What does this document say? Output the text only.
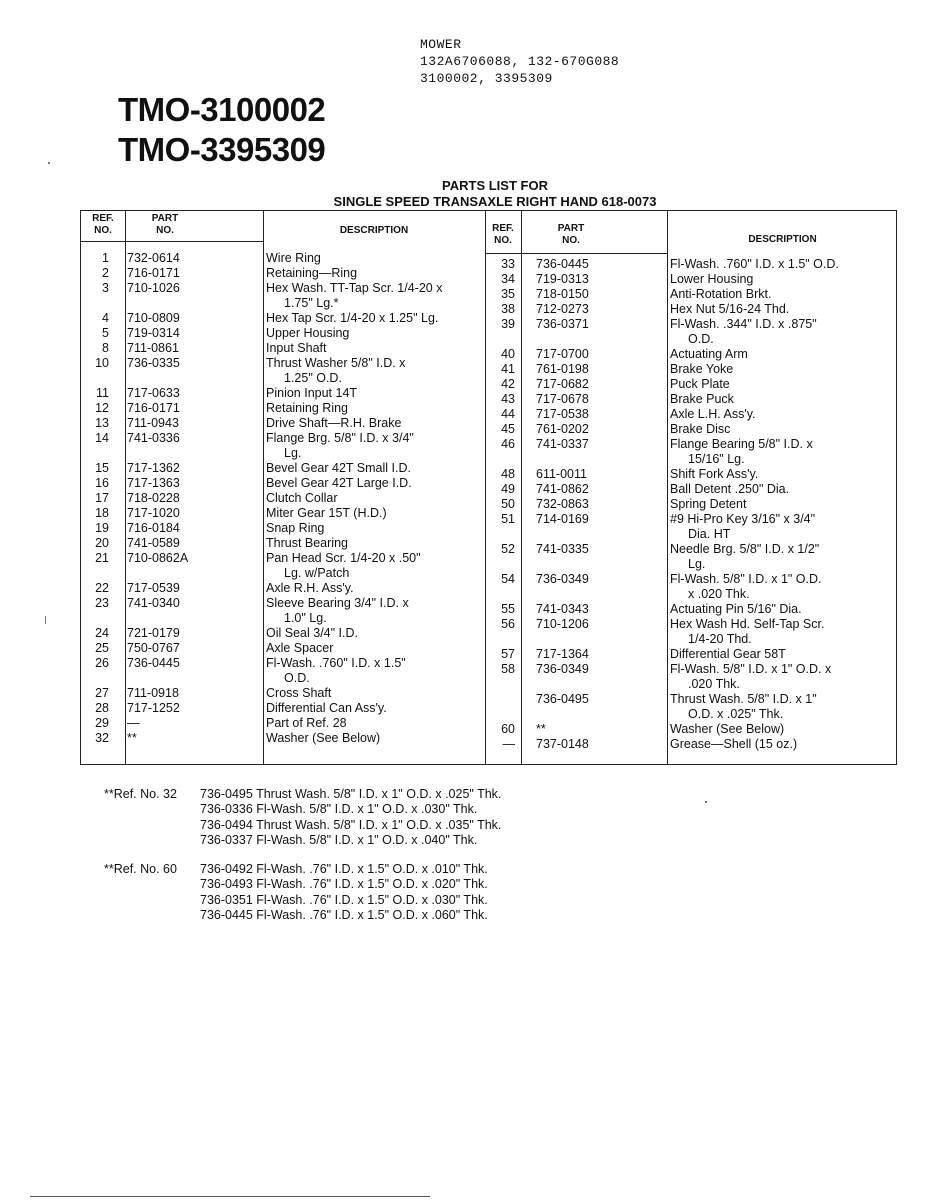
MOWER
132A6706088, 132-670G088
3100002, 3395309
TMO-3100002
TMO-3395309
PARTS LIST FOR
SINGLE SPEED TRANSAXLE RIGHT HAND 618-0073
REF.
NO.
PART
NO.	DESCRIPTION	REF.
NO.
PART
NO.	DESCRIPTION
1 732-0614	Wire Ring
2 716-0171	Retaining—Ring
3 710-1026	Hex Wash. TT-Tap Scr. 1/4-20 x
1.75" Lg.*
4 710-0809	Hex Tap Scr. 1/4-20 x 1.25" Lg.
5 719-0314	Upper Housing
8 711-0861	Input Shaft
10 736-0335	Thrust Washer 5/8" I.D. x
1.25" O.D.
11 717-0633	Pinion Input 14T
12 716-0171	Retaining Ring
13 711-0943	Drive Shaft—R.H. Brake
14 741-0336	Flange Brg. 5/8" I.D. x 3/4"
Lg.
15 717-1362	Bevel Gear 42T Small I.D.
16 717-1363	Bevel Gear 42T Large I.D.
17 718-0228	Clutch Collar
18 717-1020	Miter Gear 15T (H.D.)
19 716-0184	Snap Ring
20 741-0589	Thrust Bearing
21 710-0862A	Pan Head Scr. 1/4-20 x .50"
Lg. w/Patch
22 717-0539	Axle R.H. Ass'y.
23 741-0340	Sleeve Bearing 3/4" I.D. x
1.0" Lg.
24 721-0179	Oil Seal 3/4" I.D.
25 750-0767	Axle Spacer
26 736-0445	Fl-Wash. .760" I.D. x 1.5"
O.D.
27 711-0918	Cross Shaft
28 717-1252	Differential Can Ass'y.
29 —	Part of Ref. 28
32 **	Washer (See Below)
33 736-0445	Fl-Wash. .760" I.D. x 1.5" O.D.
34 719-0313	Lower Housing
35 718-0150	Anti-Rotation Brkt.
38 712-0273	Hex Nut 5/16-24 Thd.
39 736-0371	Fl-Wash. .344" I.D. x .875"
O.D.
40 717-0700	Actuating Arm
41 761-0198	Brake Yoke
42 717-0682	Puck Plate
43 717-0678	Brake Puck
44 717-0538	Axle L.H. Ass'y.
45 761-0202	Brake Disc
46 741-0337	Flange Bearing 5/8" I.D. x
15/16" Lg.
48 611-0011	Shift Fork Ass'y.
49 741-0862	Ball Detent .250" Dia.
50 732-0863	Spring Detent
51 714-0169	#9 Hi-Pro Key 3/16" x 3/4"
Dia. HT
52 741-0335	Needle Brg. 5/8" I.D. x 1/2"
Lg.
54 736-0349	Fl-Wash. 5/8" I.D. x 1" O.D.
x .020 Thk.
55 741-0343	Actuating Pin 5/16" Dia.
56 710-1206	Hex Wash Hd. Self-Tap Scr.
1/4-20 Thd.
57 717-1364	Differential Gear 58T
58 736-0349	Fl-Wash. 5/8" I.D. x 1" O.D. x
.020 Thk.
736-0495	Thrust Wash. 5/8" I.D. x 1"
O.D. x .025" Thk.
60 **	Washer (See Below)
— 737-0148	Grease—Shell (15 oz.)
**Ref. No. 32 736-0495 Thrust Wash. 5/8" I.D. x 1" O.D. x .025" Thk.
736-0336 Fl-Wash. 5/8" I.D. x 1" O.D. x .030" Thk.
736-0494 Thrust Wash. 5/8" I.D. x 1" O.D. x .035" Thk.
736-0337 Fl-Wash. 5/8" I.D. x 1" O.D. x .040" Thk.
**Ref. No. 60 736-0492 Fl-Wash. .76" I.D. x 1.5" O.D. x .010" Thk.
736-0493 Fl-Wash. .76" I.D. x 1.5" O.D. x .020" Thk.
736-0351 Fl-Wash. .76" I.D. x 1.5" O.D. x .030" Thk.
736-0445 Fl-Wash. .76" I.D. x 1.5" O.D. x .060" Thk.
